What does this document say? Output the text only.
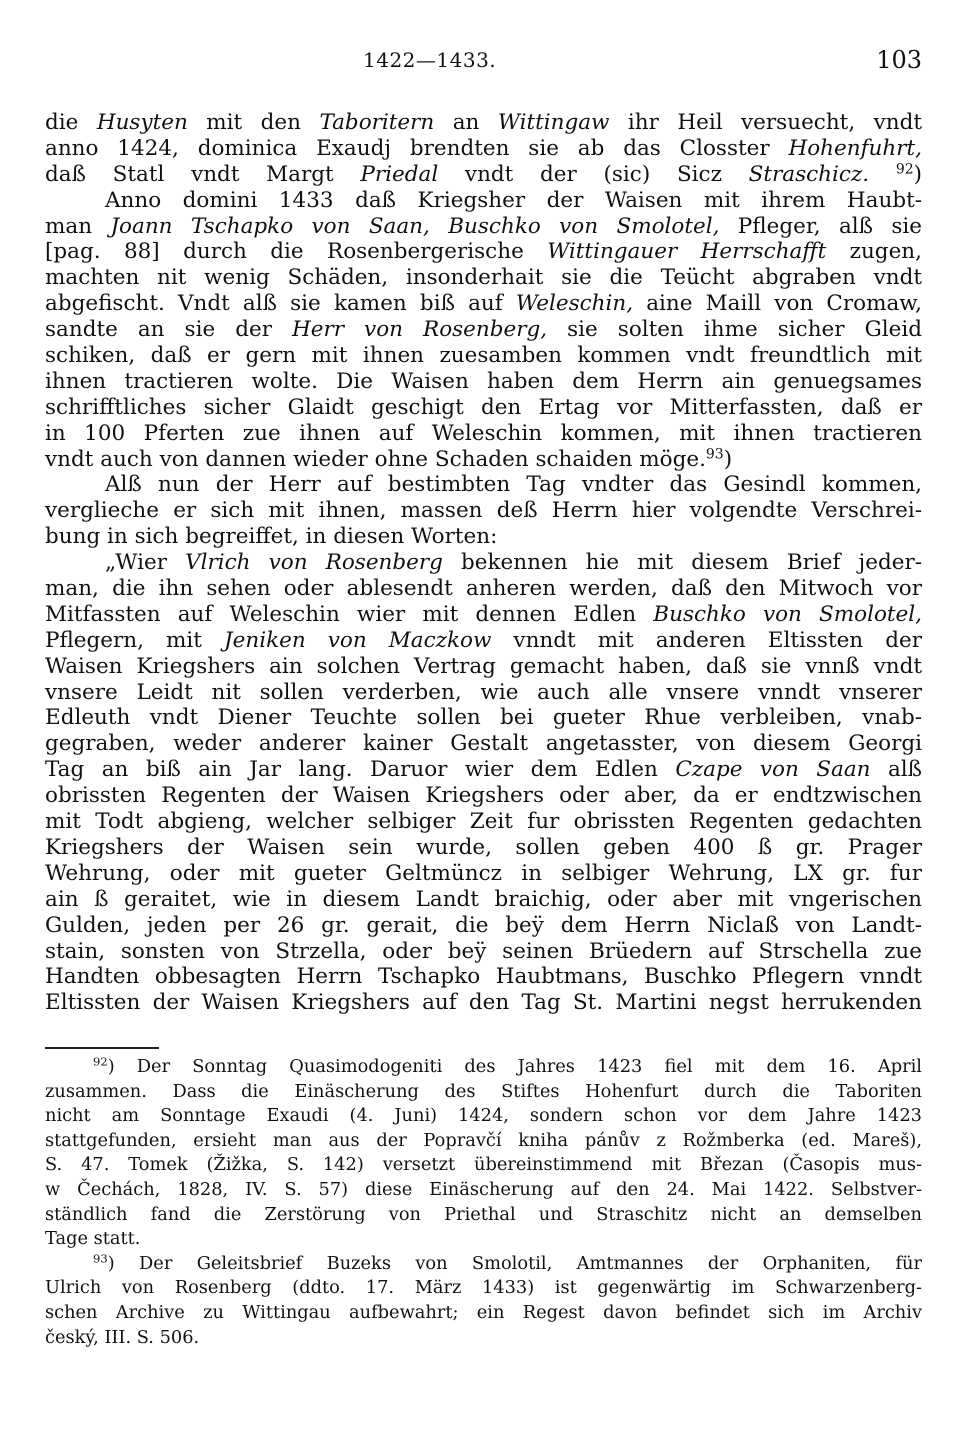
1422—1433.	103
die Husyten mit den Taboritern an Wittingaw ihr Heil versuecht, vndt
anno 1424, dominica Exaudj brendten sie ab das Closster Hohenfuhrt,
daß Statl vndt Margt Priedal vndt der (sic) Sicz Straschicz. $^{92}$)
Anno domini 1433 daß Kriegsher der Waisen mit ihrem Haubt-
man Joann Tschapko von Saan, Buschko von Smolotel, Pfleger, alß sie
[pag. 88] durch die Rosenbergerische Wittingauer Herrschafft zugen,
machten nit wenig Schäden, insonderhait sie die Teücht abgraben vndt
abgefischt. Vndt alß sie kamen biß auf Weleschin, aine Maill von Cromaw,
sandte an sie der Herr von Rosenberg, sie solten ihme sicher Gleid
schiken, daß er gern mit ihnen zuesamben kommen vndt freundtlich mit
ihnen tractieren wolte. Die Waisen haben dem Herrn ain genuegsames
schrifftliches sicher Glaidt geschigt den Ertag vor Mitterfassten, daß er
in 100 Pferten zue ihnen auf Weleschin kommen, mit ihnen tractieren
vndt auch von dannen wieder ohne Schaden schaiden möge.$^{93}$)
Alß nun der Herr auf bestimbten Tag vndter das Gesindl kommen,
verglieche er sich mit ihnen, massen deß Herrn hier volgendte Verschrei-
bung in sich begreiffet, in diesen Worten:
„Wier Vlrich von Rosenberg bekennen hie mit diesem Brief jeder-
man, die ihn sehen oder ablesendt anheren werden, daß den Mitwoch vor
Mitfassten auf Weleschin wier mit dennen Edlen Buschko von Smolotel,
Pflegern, mit Jeniken von Maczkow vnndt mit anderen Eltissten der
Waisen Kriegshers ain solchen Vertrag gemacht haben, daß sie vnnß vndt
vnsere Leidt nit sollen verderben, wie auch alle vnsere vnndt vnserer
Edleuth vndt Diener Teuchte sollen bei gueter Rhue verbleiben, vnab-
gegraben, weder anderer kainer Gestalt angetasster, von diesem Georgi
Tag an biß ain Jar lang. Daruor wier dem Edlen Czape von Saan alß
obrissten Regenten der Waisen Kriegshers oder aber, da er endtzwischen
mit Todt abgieng, welcher selbiger Zeit fur obrissten Regenten gedachten
Kriegshers der Waisen sein wurde, sollen geben 400 ß gr. Prager
Wehrung, oder mit gueter Geltmüncz in selbiger Wehrung, LX gr. fur
ain ß geraitet, wie in diesem Landt braichig, oder aber mit vngerischen
Gulden, jeden per 26 gr. gerait, die beÿ dem Herrn Niclaß von Landt-
stain, sonsten von Strzella, oder beÿ seinen Brüedern auf Strschella zue
Handten obbesagten Herrn Tschapko Haubtmans, Buschko Pflegern vnndt
Eltissten der Waisen Kriegshers auf den Tag St. Martini negst herrukenden
$^{92}$) Der Sonntag Quasimodogeniti des Jahres 1423 fiel mit dem 16. April
zusammen. Dass die Einäscherung des Stiftes Hohenfurt durch die Taboriten
nicht am Sonntage Exaudi (4. Juni) 1424, sondern schon vor dem Jahre 1423
stattgefunden, ersieht man aus der Popravčí kniha pánův z Rožmberka (ed. Mareš),
S. 47. Tomek (Žižka, S. 142) versetzt übereinstimmend mit Březan (Časopis mus-
w Čechách, 1828, IV. S. 57) diese Einäscherung auf den 24. Mai 1422. Selbstver-
ständlich fand die Zerstörung von Priethal und Straschitz nicht an demselben
Tage statt.
$^{93}$) Der Geleitsbrief Buzeks von Smolotil, Amtmannes der Orphaniten, für
Ulrich von Rosenberg (ddto. 17. März 1433) ist gegenwärtig im Schwarzenberg-
schen Archive zu Wittingau aufbewahrt; ein Regest davon befindet sich im Archiv
český, III. S. 506.
